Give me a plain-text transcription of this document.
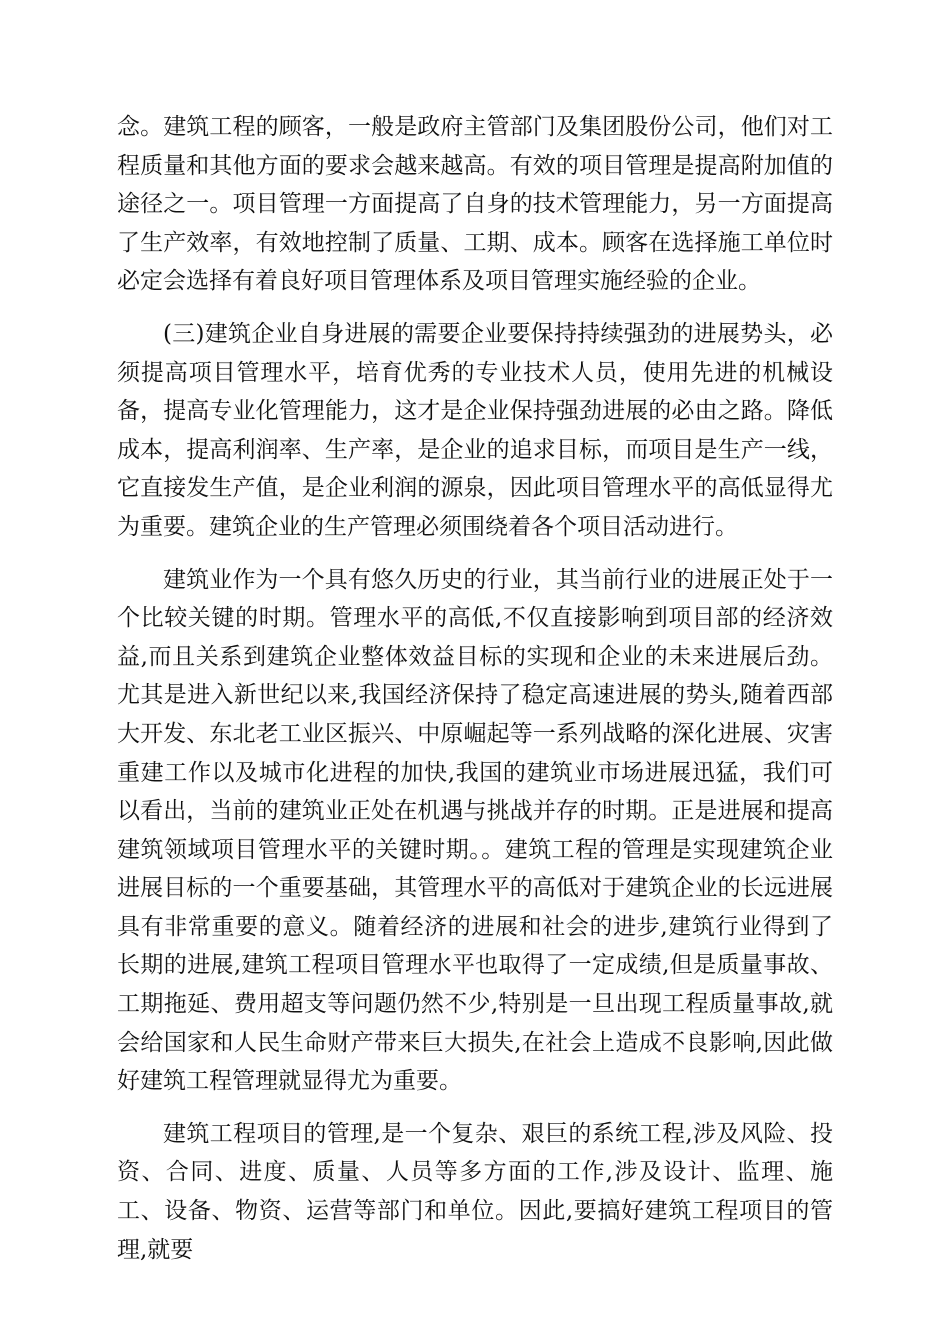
念。建筑工程的顾客，一般是政府主管部门及集团股份公司，他们对工程质量和其他方面的要求会越来越高。有效的项目管理是提高附加值的途径之一。项目管理一方面提高了自身的技术管理能力，另一方面提高了生产效率，有效地控制了质量、工期、成本。顾客在选择施工单位时必定会选择有着良好项目管理体系及项目管理实施经验的企业。

(三)建筑企业自身进展的需要企业要保持持续强劲的进展势头，必须提高项目管理水平，培育优秀的专业技术人员，使用先进的机械设备，提高专业化管理能力，这才是企业保持强劲进展的必由之路。降低成本，提高利润率、生产率，是企业的追求目标，而项目是生产一线，它直接发生产值，是企业利润的源泉，因此项目管理水平的高低显得尤为重要。建筑企业的生产管理必须围绕着各个项目活动进行。

建筑业作为一个具有悠久历史的行业，其当前行业的进展正处于一个比较关键的时期。管理水平的高低,不仅直接影响到项目部的经济效益,而且关系到建筑企业整体效益目标的实现和企业的未来进展后劲。尤其是进入新世纪以来,我国经济保持了稳定高速进展的势头,随着西部大开发、东北老工业区振兴、中原崛起等一系列战略的深化进展、灾害重建工作以及城市化进程的加快,我国的建筑业市场进展迅猛，我们可以看出，当前的建筑业正处在机遇与挑战并存的时期。正是进展和提高建筑领域项目管理水平的关键时期。。建筑工程的管理是实现建筑企业进展目标的一个重要基础，其管理水平的高低对于建筑企业的长远进展具有非常重要的意义。随着经济的进展和社会的进步,建筑行业得到了长期的进展,建筑工程项目管理水平也取得了一定成绩,但是质量事故、工期拖延、费用超支等问题仍然不少,特别是一旦出现工程质量事故,就会给国家和人民生命财产带来巨大损失,在社会上造成不良影响,因此做好建筑工程管理就显得尤为重要。

建筑工程项目的管理,是一个复杂、艰巨的系统工程,涉及风险、投资、合同、进度、质量、人员等多方面的工作,涉及设计、监理、施工、设备、物资、运营等部门和单位。因此,要搞好建筑工程项目的管理,就要
